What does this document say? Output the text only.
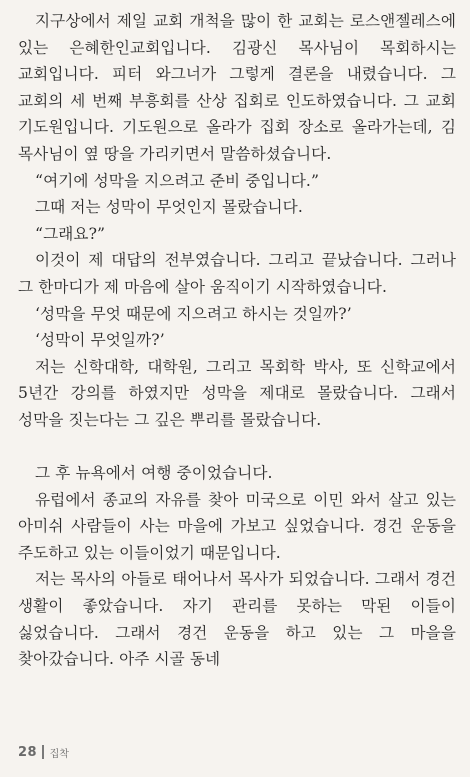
지구상에서 제일 교회 개척을 많이 한 교회는 로스앤젤레스에 있는 은혜한인교회입니다. 김광신 목사님이 목회하시는 교회입니다. 피터 와그너가 그렇게 결론을 내렸습니다. 그 교회의 세 번째 부흥회를 산상 집회로 인도하였습니다. 그 교회 기도원입니다. 기도원으로 올라가 집회 장소로 올라가는데, 김 목사님이 옆 땅을 가리키면서 말씀하셨습니다.

“여기에 성막을 지으려고 준비 중입니다.”

그때 저는 성막이 무엇인지 몰랐습니다.

“그래요?”

이것이 제 대답의 전부였습니다. 그리고 끝났습니다. 그러나 그 한마디가 제 마음에 살아 움직이기 시작하였습니다.

‘성막을 무엇 때문에 지으려고 하시는 것일까?’

‘성막이 무엇일까?’

저는 신학대학, 대학원, 그리고 목회학 박사, 또 신학교에서 5년간 강의를 하였지만 성막을 제대로 몰랐습니다. 그래서 성막을 짓는다는 그 깊은 뿌리를 몰랐습니다.

그 후 뉴욕에서 여행 중이었습니다.

유럽에서 종교의 자유를 찾아 미국으로 이민 와서 살고 있는 아미쉬 사람들이 사는 마을에 가보고 싶었습니다. 경건 운동을 주도하고 있는 이들이었기 때문입니다.

저는 목사의 아들로 태어나서 목사가 되었습니다. 그래서 경건 생활이 좋았습니다. 자기 관리를 못하는 막된 이들이 싫었습니다. 그래서 경건 운동을 하고 있는 그 마을을 찾아갔습니다. 아주 시골 동네

28 집착
